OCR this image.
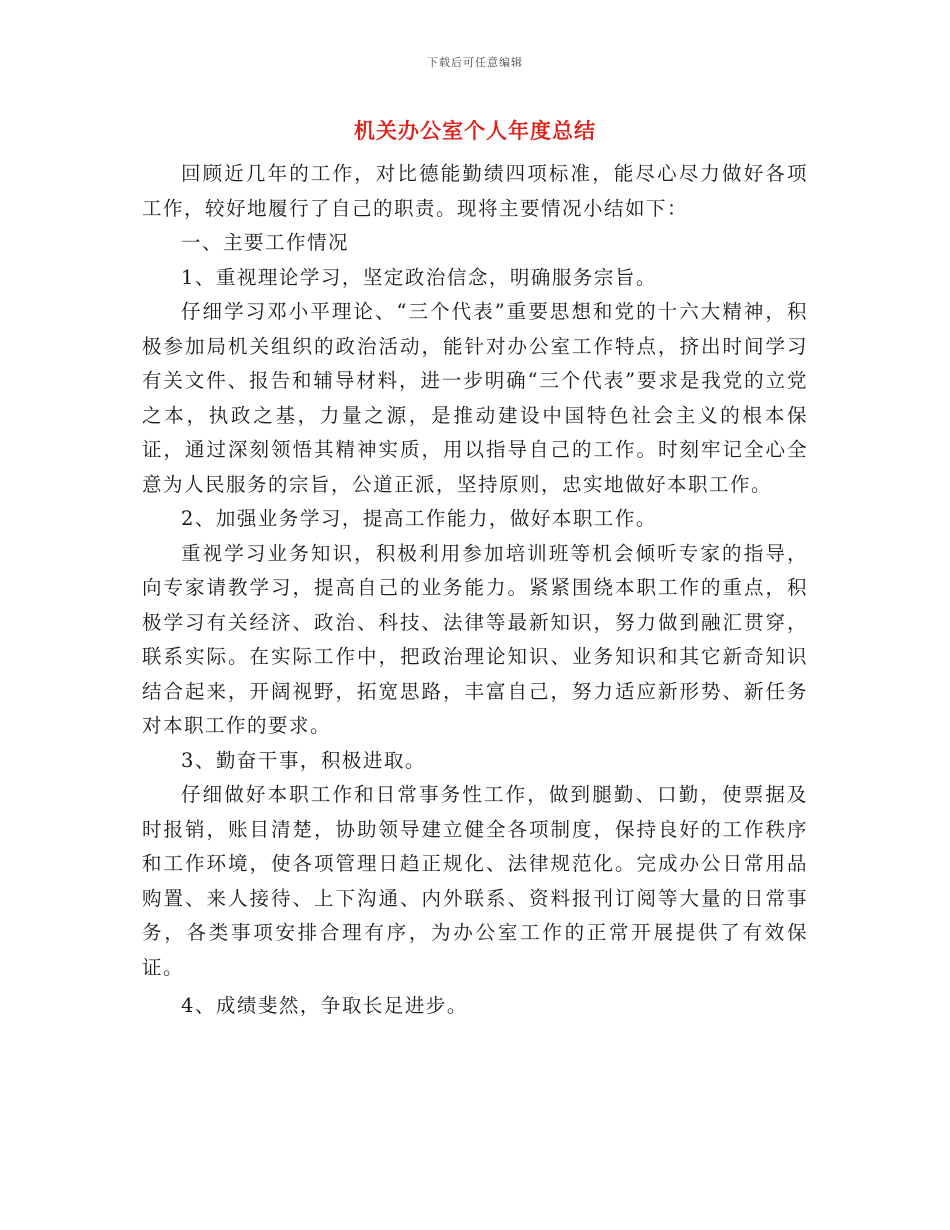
下载后可任意编辑
机关办公室个人年度总结

回顾近几年的工作，对比德能勤绩四项标准，能尽心尽力做好各项工作，较好地履行了自己的职责。现将主要情况小结如下：

一、主要工作情况

1、重视理论学习，坚定政治信念，明确服务宗旨。

仔细学习邓小平理论、“三个代表”重要思想和党的十六大精神，积极参加局机关组织的政治活动，能针对办公室工作特点，挤出时间学习有关文件、报告和辅导材料，进一步明确“三个代表”要求是我党的立党之本，执政之基，力量之源，是推动建设中国特色社会主义的根本保证，通过深刻领悟其精神实质，用以指导自己的工作。时刻牢记全心全意为人民服务的宗旨，公道正派，坚持原则，忠实地做好本职工作。

2、加强业务学习，提高工作能力，做好本职工作。

重视学习业务知识，积极利用参加培训班等机会倾听专家的指导，向专家请教学习，提高自己的业务能力。紧紧围绕本职工作的重点，积极学习有关经济、政治、科技、法律等最新知识，努力做到融汇贯穿，联系实际。在实际工作中，把政治理论知识、业务知识和其它新奇知识结合起来，开阔视野，拓宽思路，丰富自己，努力适应新形势、新任务对本职工作的要求。

3、勤奋干事，积极进取。

仔细做好本职工作和日常事务性工作，做到腿勤、口勤，使票据及时报销，账目清楚，协助领导建立健全各项制度，保持良好的工作秩序和工作环境，使各项管理日趋正规化、法律规范化。完成办公日常用品购置、来人接待、上下沟通、内外联系、资料报刊订阅等大量的日常事务，各类事项安排合理有序，为办公室工作的正常开展提供了有效保证。

4、成绩斐然，争取长足进步。
